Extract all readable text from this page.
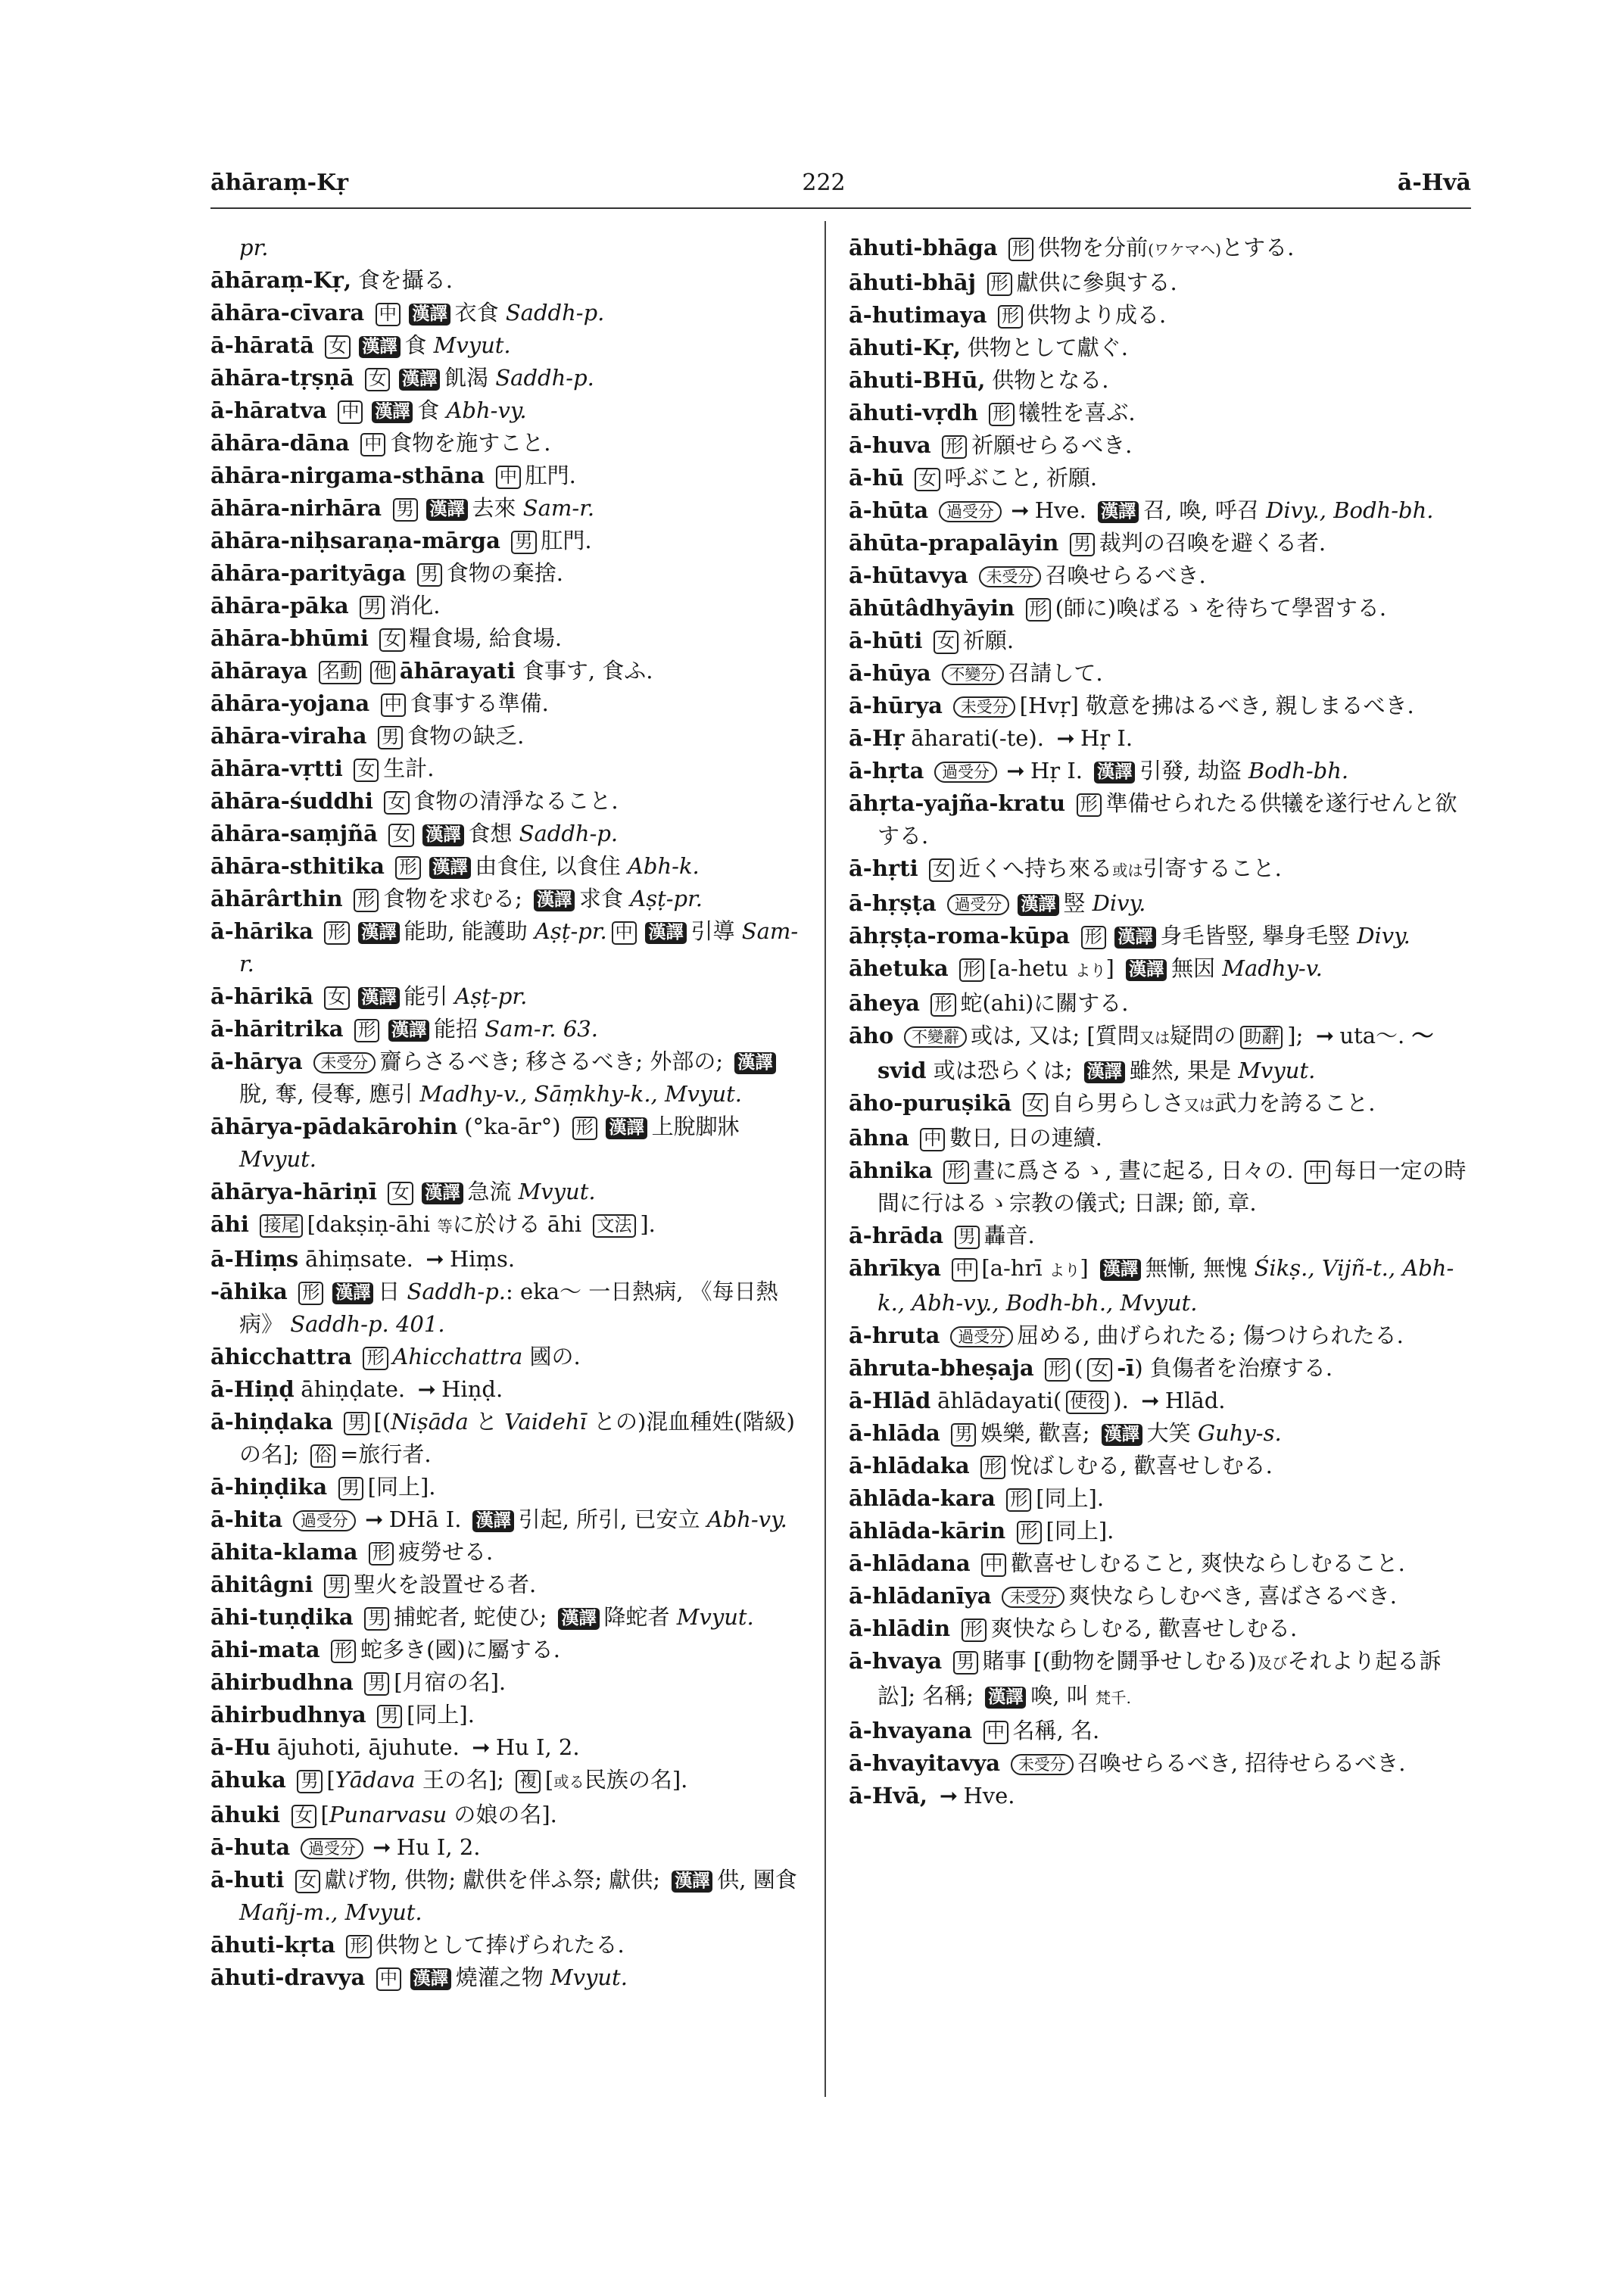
āhāraṃ-Kṛ	222	ā-Hvā

pr.

āhāraṃ-Kṛ, 食を攝る.

āhāra-cīvara 中 漢譯 衣食 Saddh-p.

ā-hāratā 女 漢譯 食 Mvyut.

āhāra-tṛṣṇā 女 漢譯 飢渴 Saddh-p.

ā-hāratva 中 漢譯 食 Abh-vy.

āhāra-dāna 中 食物を施すこと.

āhāra-nirgama-sthāna 中 肛門.

āhāra-nirhāra 男 漢譯 去來 Sam-r.

āhāra-niḥsaraṇa-mārga 男 肛門.

āhāra-parityāga 男 食物の棄捨.

āhāra-pāka 男 消化.

āhāra-bhūmi 女 糧食場, 給食場.

āhāraya 名動 他 āhārayati 食事す, 食ふ.

āhāra-yojana 中 食事する準備.

āhāra-viraha 男 食物の缺乏.

āhāra-vṛtti 女 生計.

āhāra-śuddhi 女 食物の清淨なること.

āhāra-saṃjñā 女 漢譯 食想 Saddh-p.

āhāra-sthitika 形 漢譯 由食住, 以食住 Abh-k.

āhārârthin 形 食物を求むる; 漢譯 求食 Aṣṭ-pr.

ā-hārika 形 漢譯 能助, 能護助 Aṣṭ-pr. 中 漢譯 引導 Sam-r.

ā-hārikā 女 漢譯 能引 Aṣṭ-pr.

ā-hāritrika 形 漢譯 能招 Sam-r. 63.

ā-hārya 未受分 齎らさるべき; 移さるべき; 外部の; 漢譯脫, 奪, 侵奪, 應引 Madhy-v., Sāṃkhy-k., Mvyut.

āhārya-pādakārohin (°ka-ār°) 形 漢譯 上脫脚牀 Mvyut.

āhārya-hāriṇī 女 漢譯 急流 Mvyut.

āhi 接尾 [dakṣiṇ-āhi 等に於ける āhi 文法 ].

ā-Hiṃs āhiṃsate. ➞ Hiṃs.

-āhika 形 漢譯 日 Saddh-p.: eka〜 一日熱病, 《每日熱病》 Saddh-p. 401.

āhicchattra 形 Ahicchattra 國の.

ā-Hiṇḍ āhiṇḍate. ➞ Hiṇḍ.

ā-hiṇḍaka 男 [(Niṣāda と Vaidehī との)混血種姓(階級)の名]; 俗 =旅行者.

ā-hiṇḍika 男 [同上].

ā-hita 過受分 ➞ DHā I. 漢譯 引起, 所引, 已安立 Abh-vy.

āhita-klama 形 疲勞せる.

āhitâgni 男 聖火を設置せる者.

āhi-tuṇḍika 男 捕蛇者, 蛇使ひ; 漢譯 降蛇者 Mvyut.

āhi-mata 形 蛇多き(國)に屬する.

āhirbudhna 男 [月宿の名].

āhirbudhnya 男 [同上].

ā-Hu ājuhoti, ājuhute. ➞ Hu I, 2.

āhuka 男 [Yādava 王の名]; 複 [或る民族の名].

āhuki 女 [Punarvasu の娘の名].

ā-huta 過受分 ➞ Hu I, 2.

ā-huti 女 獻げ物, 供物; 獻供を伴ふ祭; 獻供; 漢譯 供, 團食 Mañj-m., Mvyut.

āhuti-kṛta 形 供物として捧げられたる.

āhuti-dravya 中 漢譯 燒灌之物 Mvyut.

āhuti-bhāga 形 供物を分前(ワケマヘ)とする.

āhuti-bhāj 形 獻供に參與する.

ā-hutimaya 形 供物より成る.

āhuti-Kṛ, 供物として獻ぐ.

āhuti-BHū, 供物となる.

āhuti-vṛdh 形 犧牲を喜ぶ.

ā-huva 形 祈願せらるべき.

ā-hū 女 呼ぶこと, 祈願.

ā-hūta 過受分 ➞ Hve. 漢譯 召, 喚, 呼召 Divy., Bodh-bh.

āhūta-prapalāyin 男 裁判の召喚を避くる者.

ā-hūtavya 未受分 召喚せらるべき.

āhūtâdhyāyin 形 (師に)喚ばるゝを待ちて學習する.

ā-hūti 女 祈願.

ā-hūya 不變分 召請して.

ā-hūrya 未受分 [Hvṛ] 敬意を拂はるべき, 親しまるべき.

ā-Hṛ āharati(-te). ➞ Hṛ I.

ā-hṛta 過受分 ➞ Hṛ I. 漢譯 引發, 劫盜 Bodh-bh.

āhṛta-yajña-kratu 形 準備せられたる供犧を遂行せんと欲する.

ā-hṛti 女 近くへ持ち來る或は引寄すること.

ā-hṛṣṭa 過受分 漢譯 竪 Divy.

āhṛṣṭa-roma-kūpa 形 漢譯 身毛皆竪, 擧身毛竪 Divy.

āhetuka 形 [a-hetu より] 漢譯 無因 Madhy-v.

āheya 形 蛇(ahi)に關する.

āho 不變辭 或は, 又は; [質問又は疑問の 助辭 ]; ➞ uta〜. 〜 svid 或は恐らくは; 漢譯 雖然, 果是 Mvyut.

āho-puruṣikā 女 自ら男らしさ又は武力を誇ること.

āhna 中 數日, 日の連續.

āhnika 形 晝に爲さるゝ, 晝に起る, 日々の. 中 每日一定の時間に行はるゝ宗教の儀式; 日課; 節, 章.

ā-hrāda 男 轟音.

āhrīkya 中 [a-hrī より] 漢譯 無慚, 無愧 Śikṣ., Vijñ-t., Abh-k., Abh-vy., Bodh-bh., Mvyut.

ā-hruta 過受分 屈める, 曲げられたる; 傷つけられたる.

āhruta-bheṣaja 形 ( 女 -ī) 負傷者を治療する.

ā-Hlād āhlādayati( 使役 ). ➞ Hlād.

ā-hlāda 男 娛樂, 歡喜; 漢譯 大笑 Guhy-s.

ā-hlādaka 形 悅ばしむる, 歡喜せしむる.

āhlāda-kara 形 [同上].

āhlāda-kārin 形 [同上].

ā-hlādana 中 歡喜せしむること, 爽快ならしむること.

ā-hlādanīya 未受分 爽快ならしむべき, 喜ばさるべき.

ā-hlādin 形 爽快ならしむる, 歡喜せしむる.

ā-hvaya 男 賭事 [(動物を鬪爭せしむる)及びそれより起る訴訟]; 名稱; 漢譯 喚, 叫 梵千.

ā-hvayana 中 名稱, 名.

ā-hvayitavya 未受分 召喚せらるべき, 招待せらるべき.

ā-Hvā, ➞ Hve.
